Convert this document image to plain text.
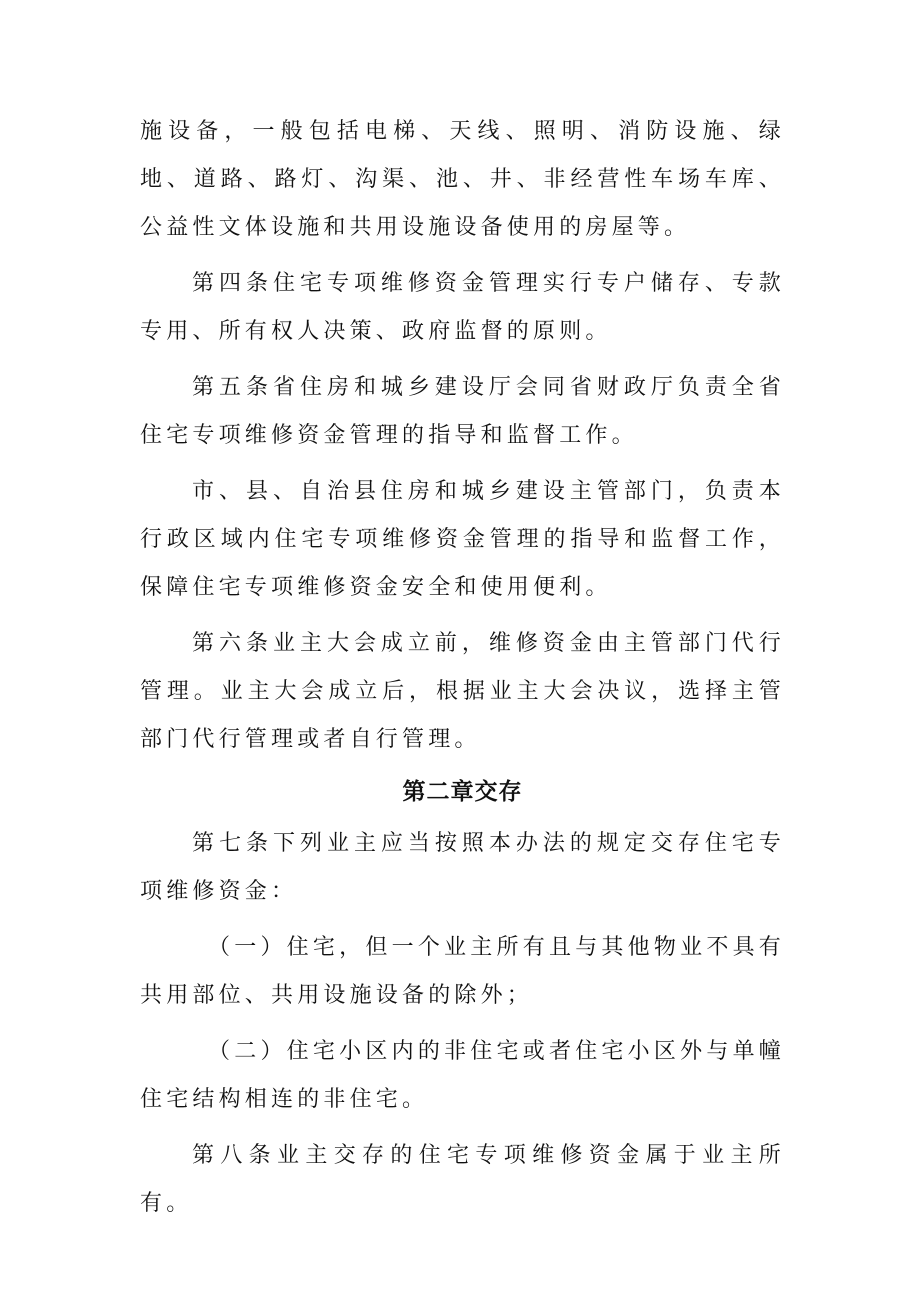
施设备，一般包括电梯、天线、照明、消防设施、绿地、道路、路灯、沟渠、池、井、非经营性车场车库、公益性文体设施和共用设施设备使用的房屋等。

第四条住宅专项维修资金管理实行专户储存、专款专用、所有权人决策、政府监督的原则。

第五条省住房和城乡建设厅会同省财政厅负责全省住宅专项维修资金管理的指导和监督工作。

市、县、自治县住房和城乡建设主管部门，负责本行政区域内住宅专项维修资金管理的指导和监督工作，保障住宅专项维修资金安全和使用便利。

第六条业主大会成立前，维修资金由主管部门代行管理。业主大会成立后，根据业主大会决议，选择主管部门代行管理或者自行管理。

第二章交存

第七条下列业主应当按照本办法的规定交存住宅专项维修资金：

（一）住宅，但一个业主所有且与其他物业不具有共用部位、共用设施设备的除外；

（二）住宅小区内的非住宅或者住宅小区外与单幢住宅结构相连的非住宅。

第八条业主交存的住宅专项维修资金属于业主所有。
